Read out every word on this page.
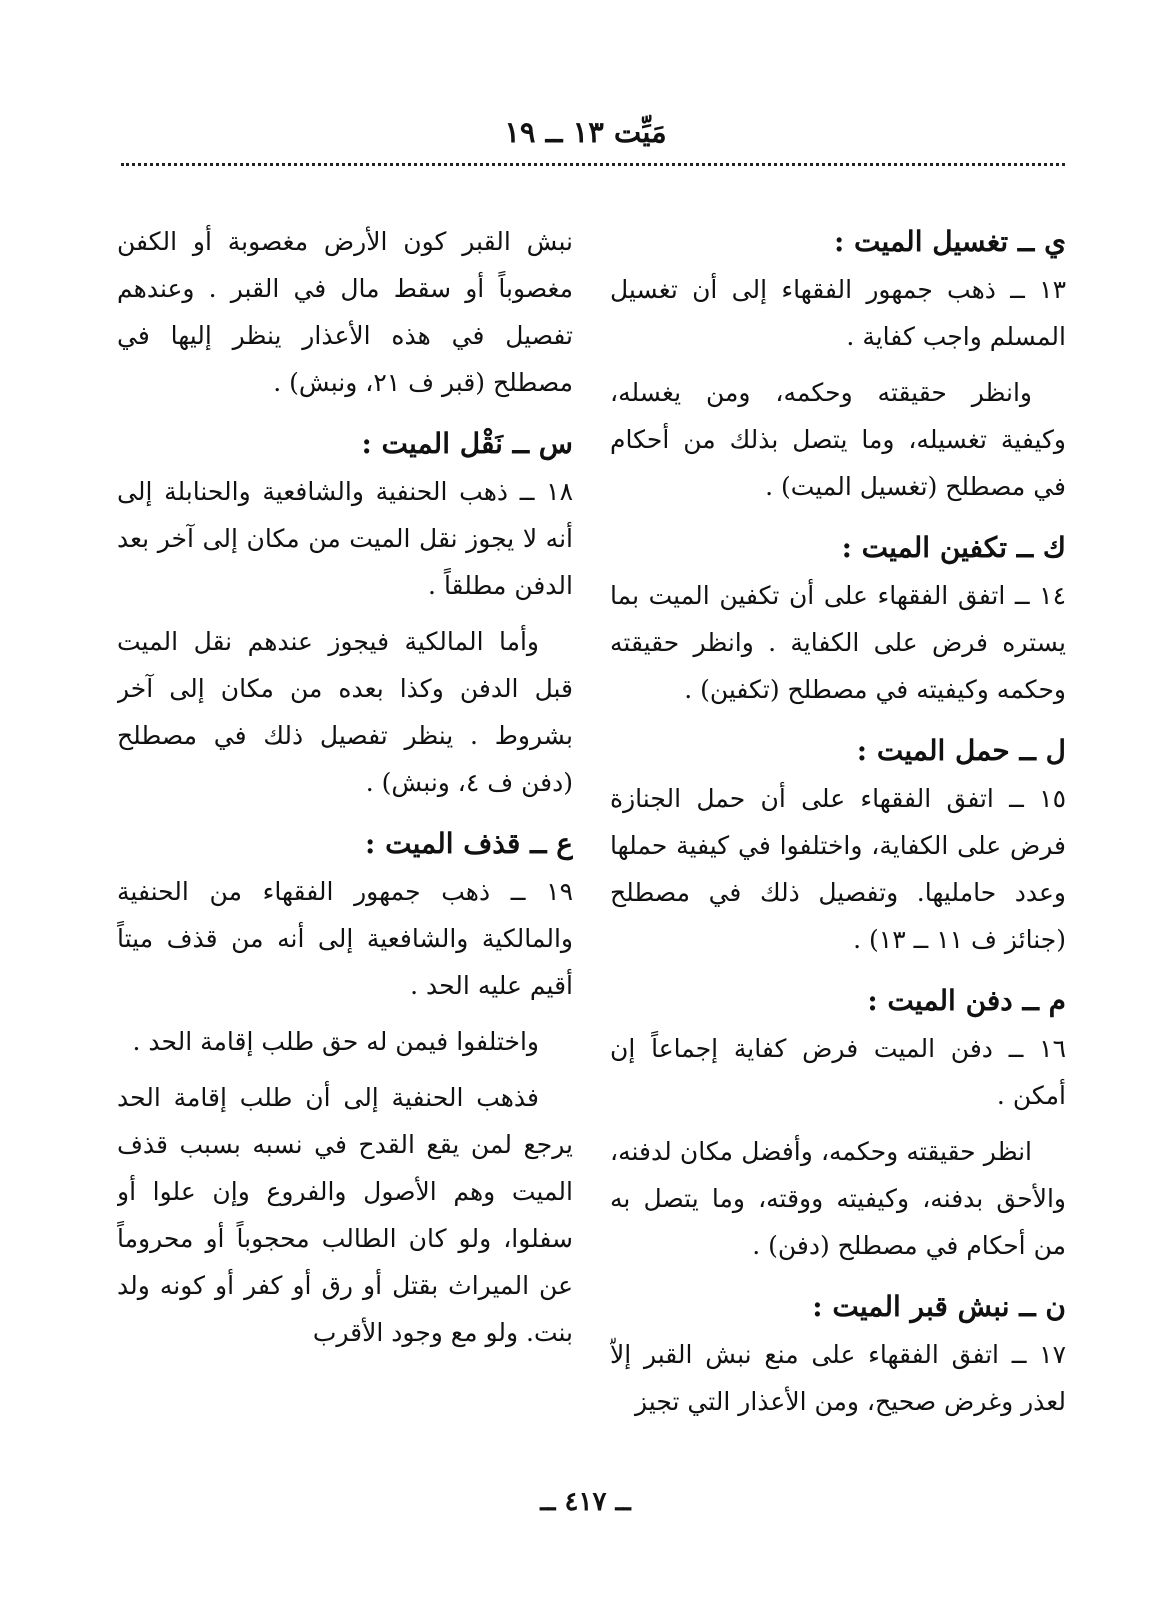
مَيِّت ١٣ ــ ١٩

ي ــ تغسيل الميت :

١٣ ــ ذهب جمهور الفقهاء إلى أن تغسيل المسلم واجب كفاية .

وانظر حقيقته وحكمه، ومن يغسله، وكيفية تغسيله، وما يتصل بذلك من أحكام في مصطلح (تغسيل الميت) .

ك ــ تكفين الميت :

١٤ ــ اتفق الفقهاء على أن تكفين الميت بما يستره فرض على الكفاية . وانظر حقيقته وحكمه وكيفيته في مصطلح (تكفين) .

ل ــ حمل الميت :

١٥ ــ اتفق الفقهاء على أن حمل الجنازة فرض على الكفاية، واختلفوا في كيفية حملها وعدد حامليها. وتفصيل ذلك في مصطلح (جنائز ف ١١ ــ ١٣) .

م ــ دفن الميت :

١٦ ــ دفن الميت فرض كفاية إجماعاً إن أمكن .

انظر حقيقته وحكمه، وأفضل مكان لدفنه، والأحق بدفنه، وكيفيته ووقته، وما يتصل به من أحكام في مصطلح (دفن) .

ن ــ نبش قبر الميت :

١٧ ــ اتفق الفقهاء على منع نبش القبر إلاّ لعذر وغرض صحيح، ومن الأعذار التي تجيز

نبش القبر كون الأرض مغصوبة أو الكفن مغصوباً أو سقط مال في القبر . وعندهم تفصيل في هذه الأعذار ينظر إليها في مصطلح (قبر ف ٢١، ونبش) .

س ــ نَقْل الميت :

١٨ ــ ذهب الحنفية والشافعية والحنابلة إلى أنه لا يجوز نقل الميت من مكان إلى آخر بعد الدفن مطلقاً .

وأما المالكية فيجوز عندهم نقل الميت قبل الدفن وكذا بعده من مكان إلى آخر بشروط . ينظر تفصيل ذلك في مصطلح (دفن ف ٤، ونبش) .

ع ــ قذف الميت :

١٩ ــ ذهب جمهور الفقهاء من الحنفية والمالكية والشافعية إلى أنه من قذف ميتاً أقيم عليه الحد .

واختلفوا فيمن له حق طلب إقامة الحد .

فذهب الحنفية إلى أن طلب إقامة الحد يرجع لمن يقع القدح في نسبه بسبب قذف الميت وهم الأصول والفروع وإن علوا أو سفلوا، ولو كان الطالب محجوباً أو محروماً عن الميراث بقتل أو رق أو كفر أو كونه ولد بنت. ولو مع وجود الأقرب

ــ ٤١٧ ــ
